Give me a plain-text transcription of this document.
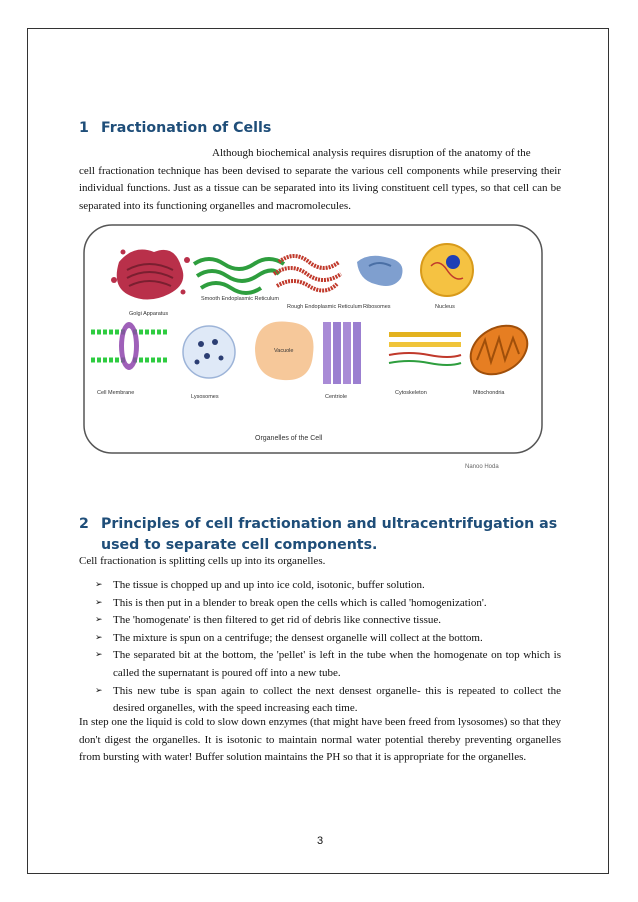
1 Fractionation of Cells

Although biochemical analysis requires disruption of the anatomy of the
cell fractionation technique has been devised to separate the various cell components while preserving their individual functions. Just as a tissue can be separated into its living constituent cell types, so that cell can be separated into its functioning organelles and macromolecules.

Golgi Apparatus
Smooth Endoplasmic Reticulum
Rough Endoplasmic Reticulum Ribosomes	Nucleus
Cell Membrane
Lysosomes
Vacuole
Centriole
Cytoskeleton	Mitochondria
Organelles of the Cell
Nanoo Hoda
2 Principles of cell fractionation and ultracentrifugation as used to separate cell components.

Cell fractionation is splitting cells up into its organelles.

➢ The tissue is chopped up and up into ice cold, isotonic, buffer solution.
➢ This is then put in a blender to break open the cells which is called 'homogenization'.
➢ The 'homogenate' is then filtered to get rid of debris like connective tissue.
➢ The mixture is spun on a centrifuge; the densest organelle will collect at the bottom.
➢ The separated bit at the bottom, the 'pellet' is left in the tube when the homogenate on top which is called the supernatant is poured off into a new tube.
➢ This new tube is span again to collect the next densest organelle- this is repeated to collect the desired organelles, with the speed increasing each time.

In step one the liquid is cold to slow down enzymes (that might have been freed from lysosomes) so that they don't digest the organelles. It is isotonic to maintain normal water potential thereby preventing organelles from bursting with water! Buffer solution maintains the PH so that it is appropriate for the organelles.

3
